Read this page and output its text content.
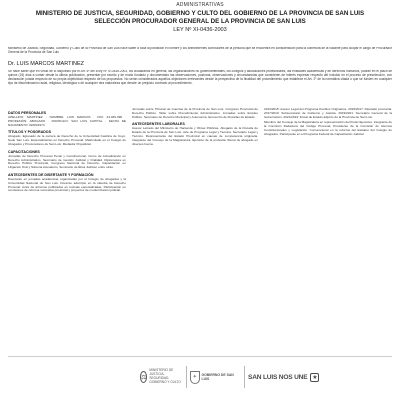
ADMINISTRATIVAS
MINISTERIO DE JUSTICIA, SEGURIDAD, GOBIERNO Y CULTO DEL GOBIERNO DE LA PROVINCIA DE SAN LUIS
SELECCIÓN PROCURADOR GENERAL DE LA PROVINCIA DE SAN LUIS
LEY Nº XI-0436-2003
Ministerio de Justicia, Seguridad, Gobierno y Culto de la Provincia de San Luis hace saber a toda la población el nombre y los antecedentes curriculares de la persona que se encuentra en consideración para la cobertura de la vacante para ocupar el cargo de Procurador General de la Provincia de San Luis
Dr. LUIS MARCOS MARTINEZ
Se hace saber que en virtud de lo dispuesto por el Art. 6º del a ley Nº IV-0436-2003, los ciudadanos en general, las organizaciones no gubernamentales, los colegios y asociaciones profesionales, las entidades académicas y de derechos humanos, podrán en el plazo de quince (15) días a contar desde la última publicación, presentar por escrito y de modo fundado y documentado las observaciones, posturas, observaciones y circunstancias que consideren de interés expresar respecto del incluido en el proceso de preselección, con declaración jurada respecto de su propia objetividad respecto de los propuestos. No serán considerados aquellos objeciones irrelevantes desde la perspectiva de la finalidad del procedimiento que establece el Art. 2º de la normativa citada o que se funden en cualquier tipo de discriminación racial, religiosa, ideológica o de cualquier otra naturaleza que denote un prejuicio contrario al procedimiento.
DATOS PERSONALES
APELLIDO: MARTINEZ · NOMBRE: LUIS MARCOS · DNI: 24.039.398 · PROFESIÓN: ABOGADO · DOMICILIO: SAN LUIS CAPITAL · FECHA DE NACIMIENTO: 02/09/1974
TÍTULOS Y POSGRADOS
Abogado. Egresado de la carrera de Derecho de la Universidad Católica de Cuyo, Sede San Luis. Especialización en Derecho Procesal. Matriculado en el Colegio de Abogados y Procuradores de San Luis. Mediador Prejudicial.
CAPACITACIONES
Jornadas de Derecho Procesal Penal y Constitucional, Curso de Actualización en Derecho Administrativo, Seminario de Gestión Judicial y Oralidad, Diplomatura en Derecho Público Provincial, Congreso Nacional de Derecho, Capacitación en Litigación Oral y Sistema Acusatorio, Seminario de Ética Judicial, entre otras.
ANTECEDENTES DE DISERTANTE Y FORMACIÓN
Disertante en jornadas académicas organizadas por el Colegio de Abogados y la Universidad Nacional de San Luis. Docente adscripto en la cátedra de Derecho Procesal. Autor de artículos publicados en revistas especializadas. Participación en comisiones de reforma normativa provincial y proyectos de modernización judicial.
Jornadas sobre Tribunal de Cuentas de la Provincia de San Luis. Congreso Provincial de Derecho Público. Taller sobre Procedimiento Administrativo. Jornadas sobre Empleo Público. Seminario de Derecho Municipal y Autonomía. Encuentro de Fiscalías de Estado.
ANTECEDENTES LABORALES
Asesor Letrado del Ministerio de Hacienda y Obras Públicas. Abogado de la Fiscalía de Estado de la Provincia de San Luis. Jefe de Programa Legal y Técnica. Secretario Legal y Técnico. Representante del Estado Provincial en causas de competencia originaria. Integrante del Consejo de la Magistratura. Ejercicio de la profesión liberal de abogado en diversos fueros.
2013/2015: Asesor Legal del Programa Pueblos Originarios. 2015/2017: Diputado provincial. 2017/2019: Subsecretario de Gobierno y Justicia. 2019/2021: Secretario General de la Gobernación. 2021/2023: Fiscal de Estado adjunto de la Provincia de San Luis.
Miembro del Consejo de la Magistratura en representación del Poder Ejecutivo. Integrante de la Comisión Redactora del Código Procesal. Presidente de la Comisión de Asuntos Constitucionales y Legislación. Convencional en la reforma del Estatuto del Colegio de Abogados. Participante en el Programa Federal de Capacitación Judicial.
⚖
MINISTERIO DE JUSTICIA, SEGURIDAD, GOBIERNO Y CULTO
✦	GOBIERNO DE SAN LUIS	SAN LUIS NOS UNE ★
